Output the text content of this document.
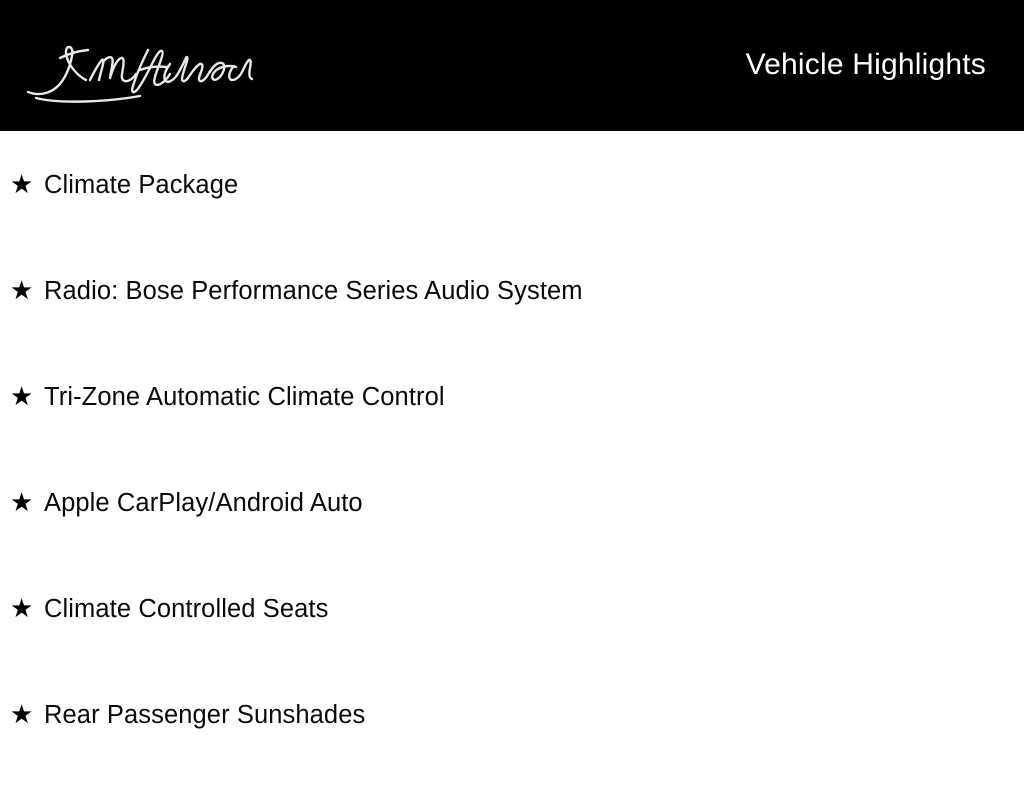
Vehicle Highlights
★ Climate Package
★ Radio: Bose Performance Series Audio System
★ Tri-Zone Automatic Climate Control
★ Apple CarPlay/Android Auto
★ Climate Controlled Seats
★ Rear Passenger Sunshades
